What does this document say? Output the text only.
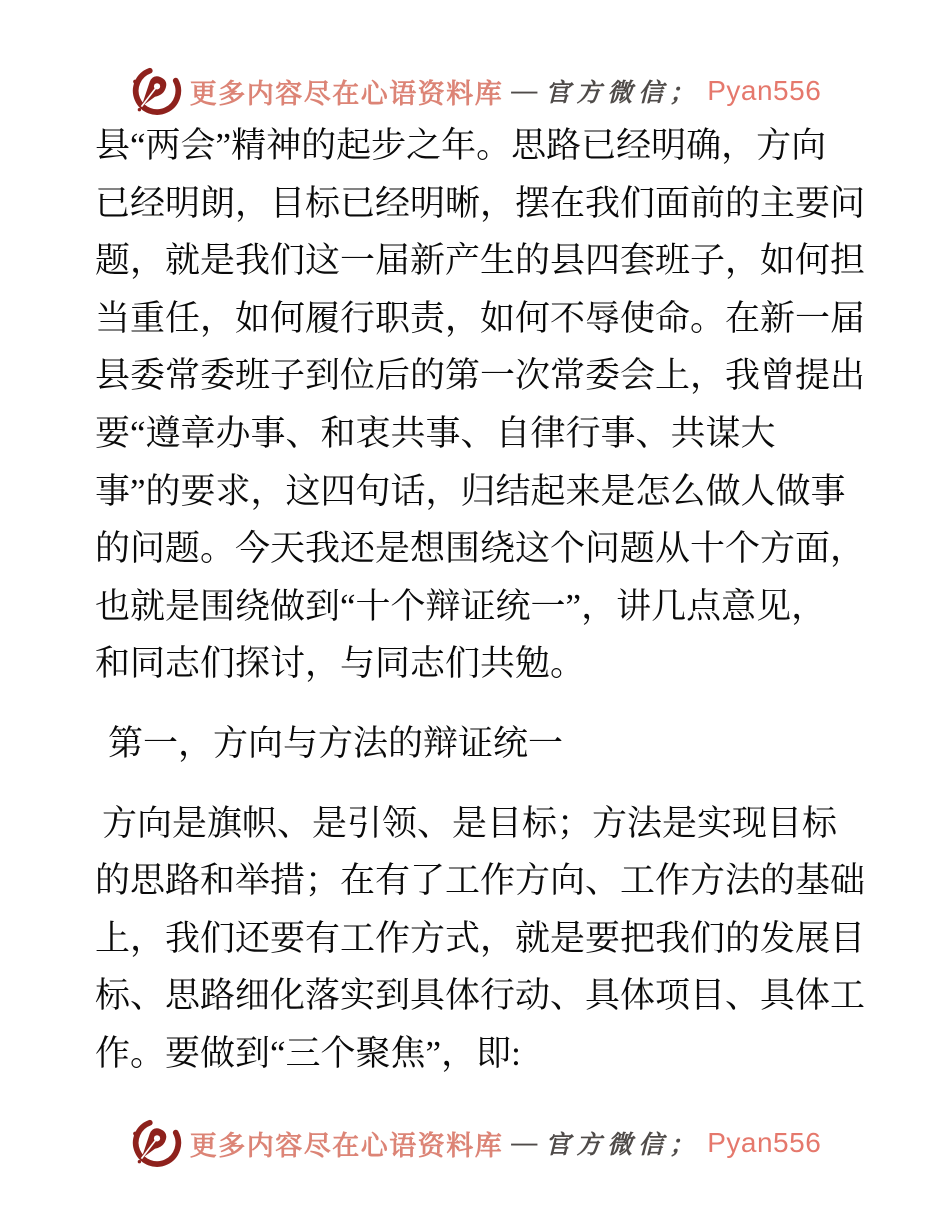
更多内容尽在心语资料库 — 官方微信； Pyan556
县“两会”精神的起步之年。思路已经明确，方向
已经明朗，目标已经明晰，摆在我们面前的主要问
题，就是我们这一届新产生的县四套班子，如何担
当重任，如何履行职责，如何不辱使命。在新一届
县委常委班子到位后的第一次常委会上，我曾提出
要“遵章办事、和衷共事、自律行事、共谋大
事”的要求，这四句话，归结起来是怎么做人做事
的问题。今天我还是想围绕这个问题从十个方面，
也就是围绕做到“十个辩证统一”，讲几点意见，
和同志们探讨，与同志们共勉。
第一，方向与方法的辩证统一
方向是旗帜、是引领、是目标；方法是实现目标
的思路和举措；在有了工作方向、工作方法的基础
上，我们还要有工作方式，就是要把我们的发展目
标、思路细化落实到具体行动、具体项目、具体工
作。要做到“三个聚焦”，即:
更多内容尽在心语资料库 — 官方微信； Pyan556
